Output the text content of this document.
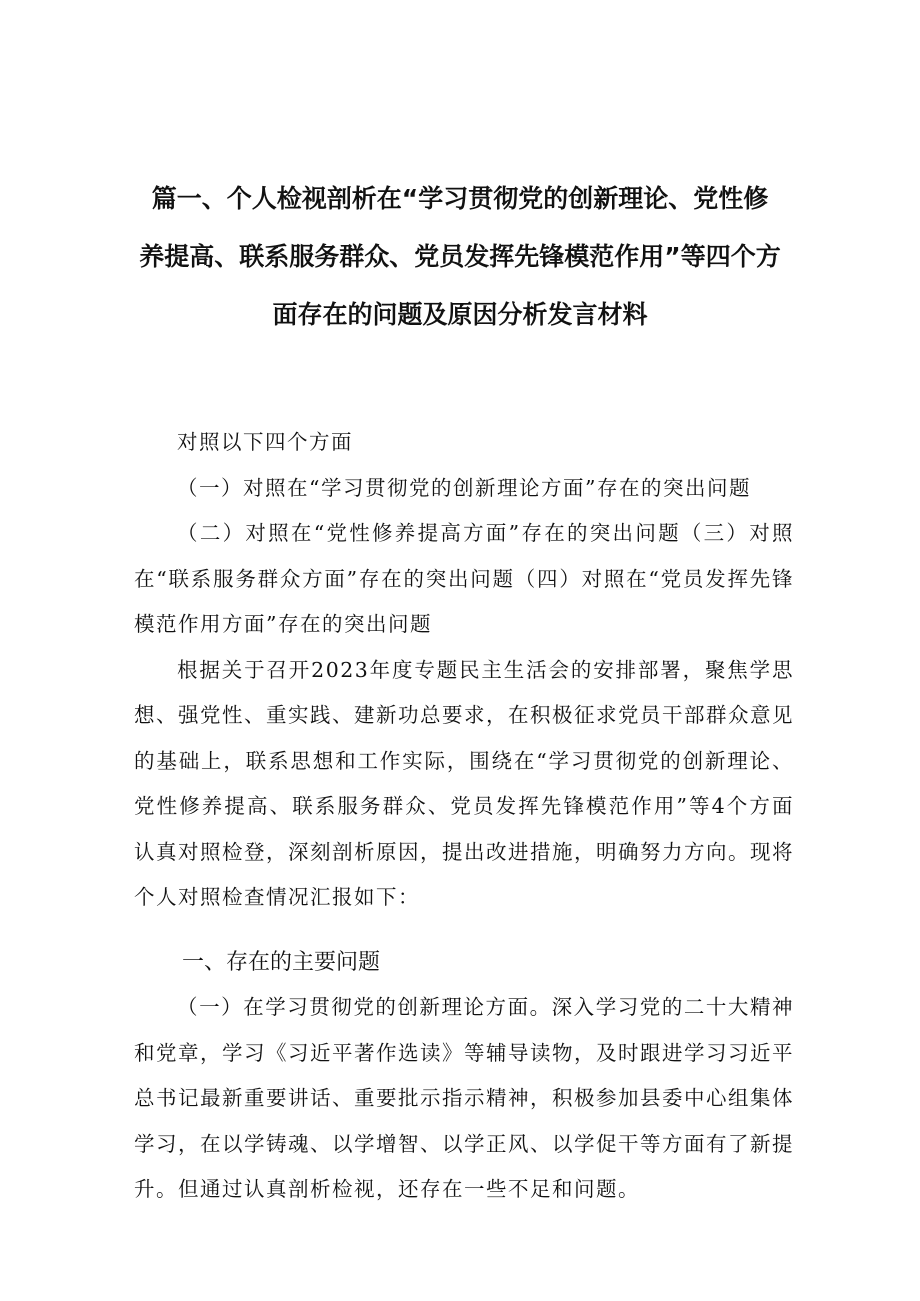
篇一、个人检视剖析在“学习贯彻党的创新理论、党性修
养提高、联系服务群众、党员发挥先锋模范作用”等四个方
面存在的问题及原因分析发言材料

对照以下四个方面

（一）对照在“学习贯彻党的创新理论方面”存在的突出问题

（二）对照在“党性修养提高方面”存在的突出问题（三）对照在“联系服务群众方面”存在的突出问题（四）对照在“党员发挥先锋模范作用方面”存在的突出问题

根据关于召开2023年度专题民主生活会的安排部署，聚焦学思想、强党性、重实践、建新功总要求，在积极征求党员干部群众意见的基础上，联系思想和工作实际，围绕在“学习贯彻党的创新理论、党性修养提高、联系服务群众、党员发挥先锋模范作用”等4个方面认真对照检登，深刻剖析原因，提出改进措施，明确努力方向。现将个人对照检查情况汇报如下：

一、存在的主要问题

（一）在学习贯彻党的创新理论方面。深入学习党的二十大精神和党章，学习《习近平著作选读》等辅导读物，及时跟进学习习近平总书记最新重要讲话、重要批示指示精神，积极参加县委中心组集体学习，在以学铸魂、以学增智、以学正风、以学促干等方面有了新提升。但通过认真剖析检视，还存在一些不足和问题。
